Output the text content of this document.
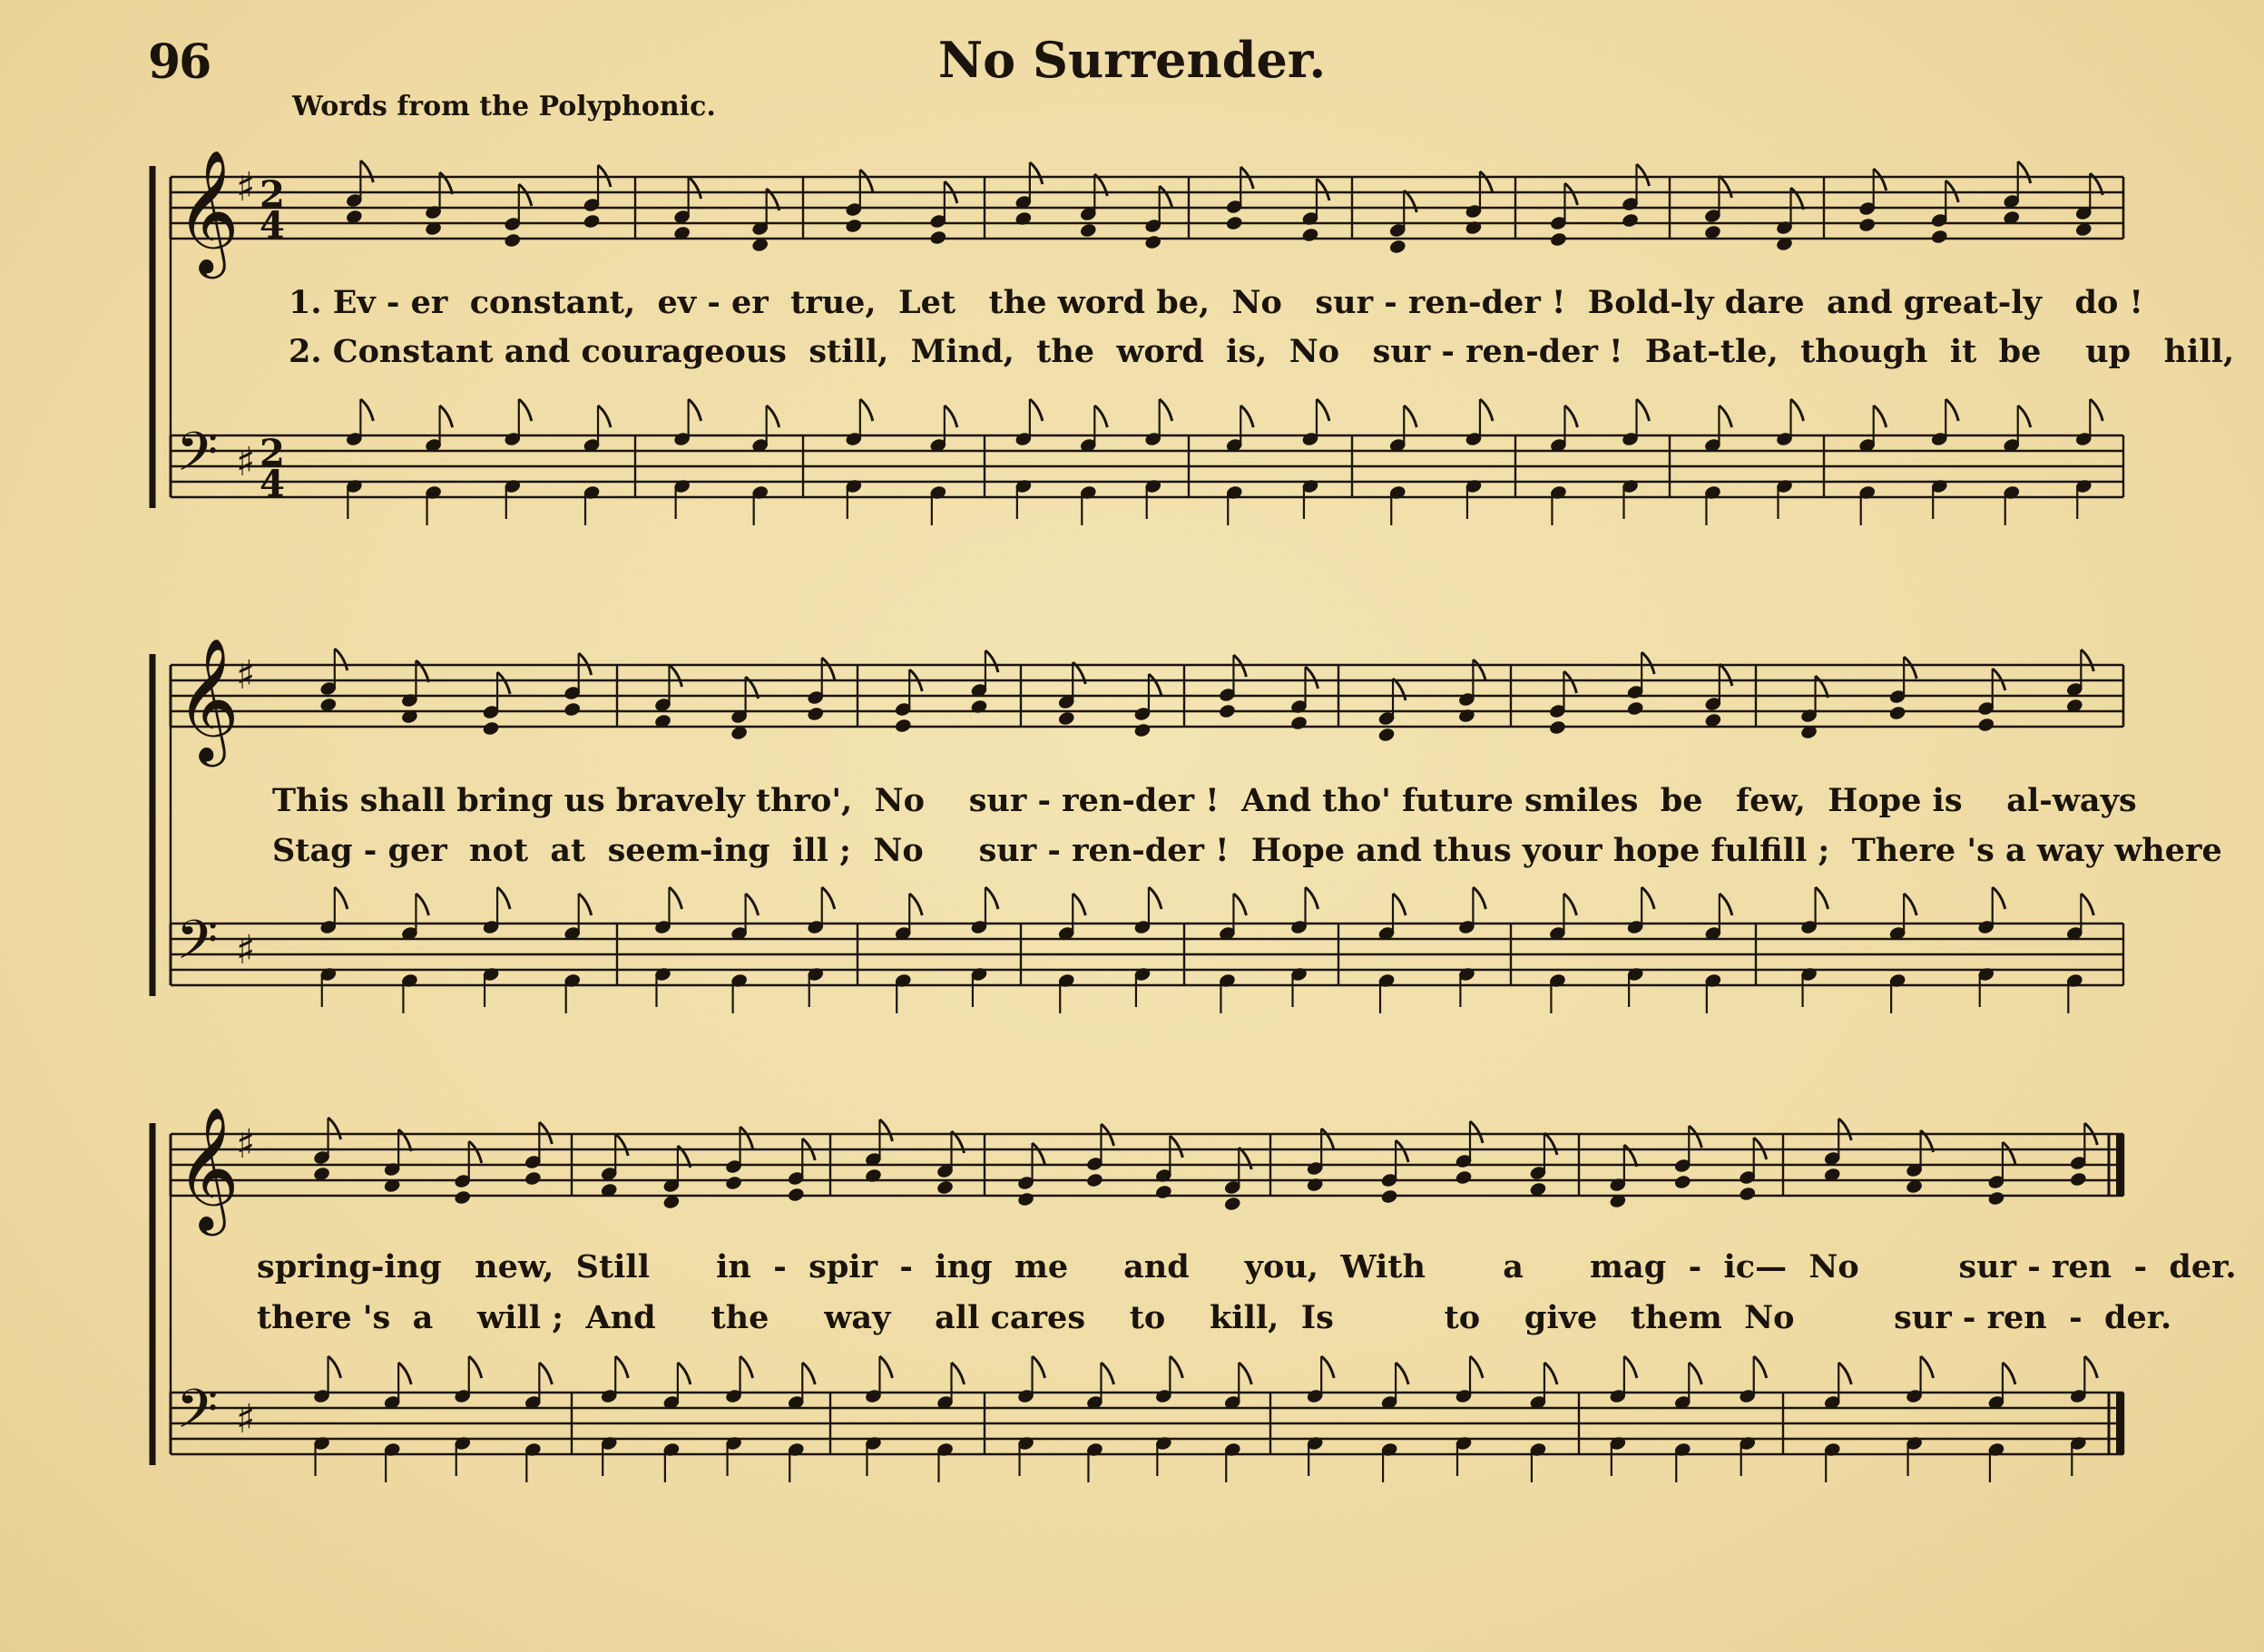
96	No Surrender.
Words from the Polyphonic.
𝄞
♯ 2
4
𝄢 ♯ 2
4
1. Ev - er  constant,  ev - er  true,  Let   the word be,  No   sur - ren-der !  Bold-ly dare  and great-ly   do !
2. Constant and courageous  still,  Mind,  the  word  is,  No   sur - ren-der !  Bat-tle,  though  it  be    up   hill,
𝄞
♯
𝄢 ♯
This shall bring us bravely thro',  No    sur - ren-der !  And tho' future smiles  be   few,  Hope is    al-ways
Stag - ger  not  at  seem-ing  ill ;  No     sur - ren-der !  Hope and thus your hope fulfill ;  There 's a way where
𝄞
♯
𝄢 ♯
spring-ing   new,  Still      in  -  spir  -  ing  me     and     you,  With       a      mag  -  ic—  No         sur - ren  -  der.
there 's  a    will ;  And     the     way    all cares    to    kill,  Is          to    give   them  No         sur - ren  -  der.
